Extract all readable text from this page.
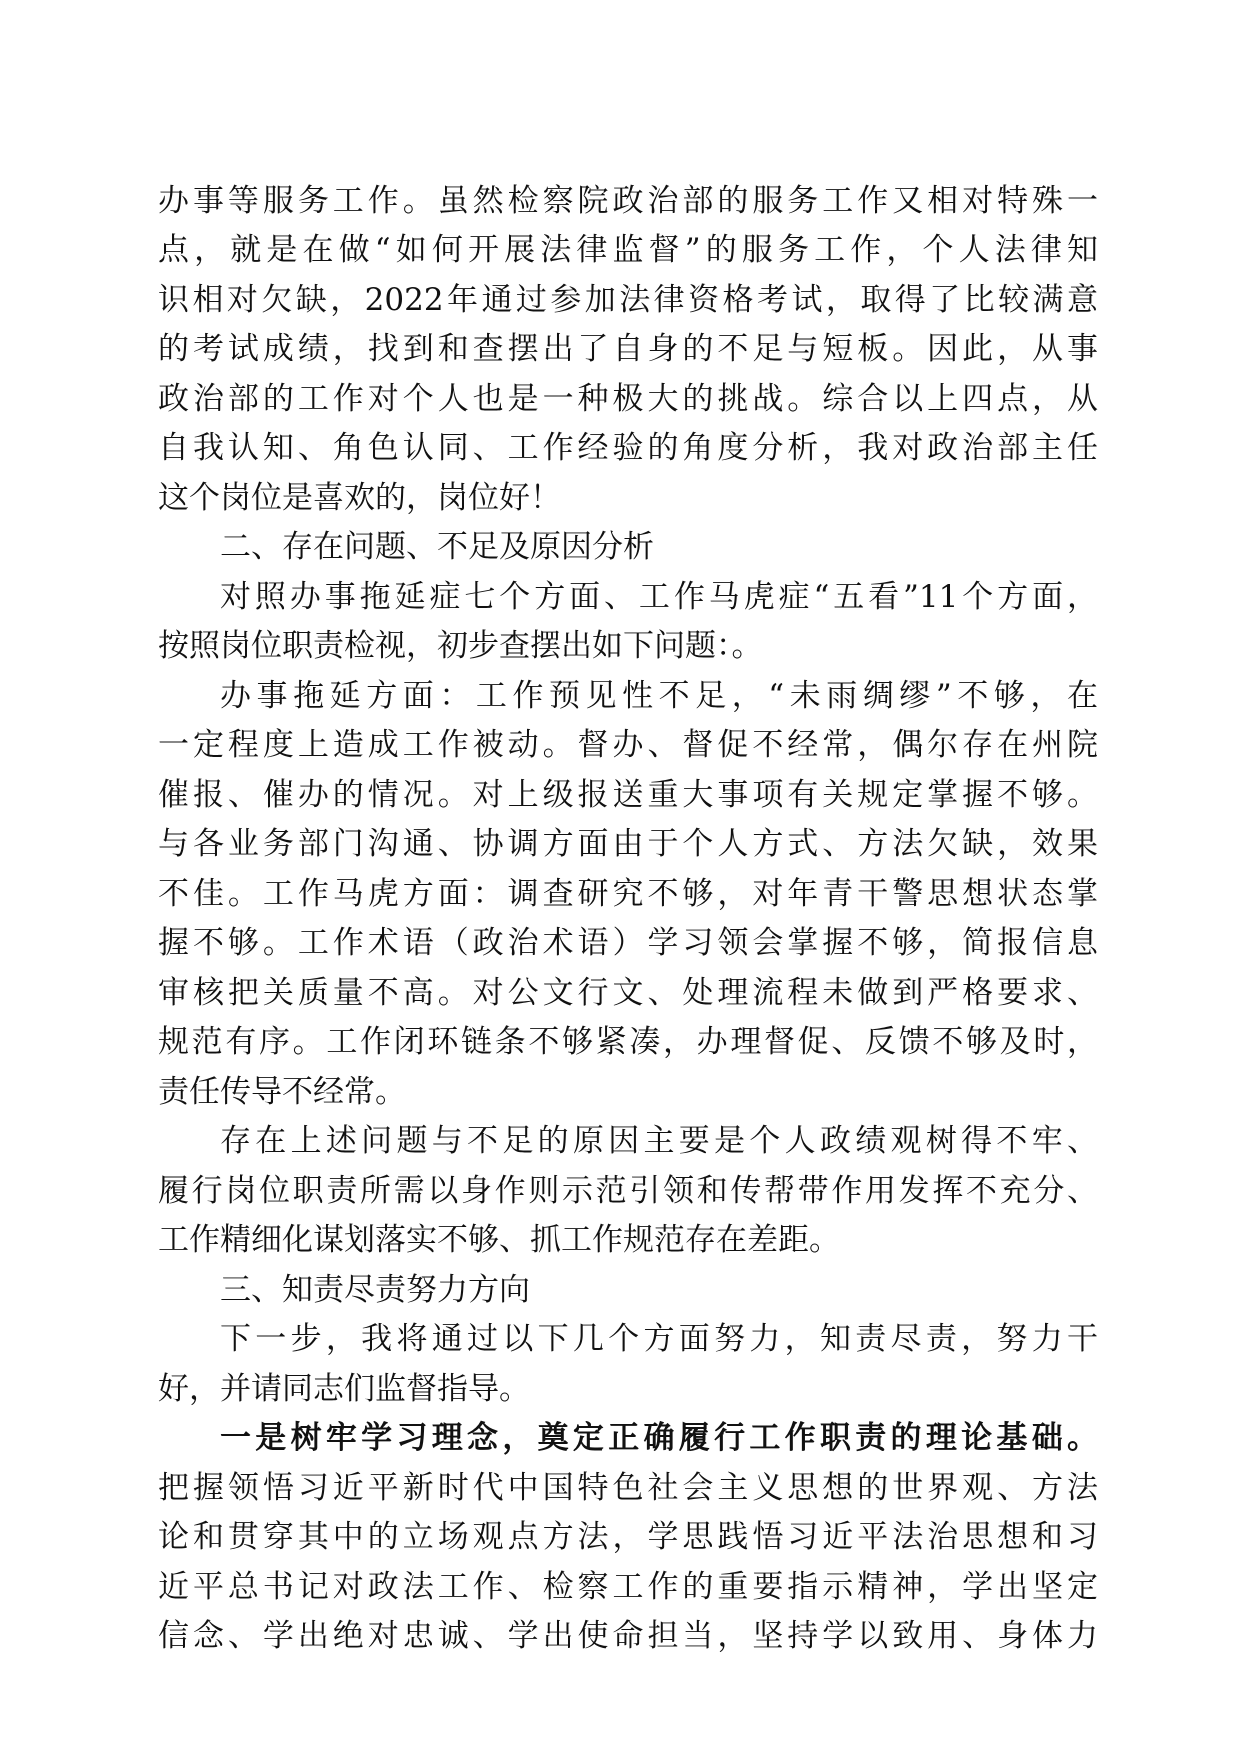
办事等服务工作。虽然检察院政治部的服务工作又相对特殊一
点，就是在做“如何开展法律监督”的服务工作，个人法律知
识相对欠缺，2022年通过参加法律资格考试，取得了比较满意
的考试成绩，找到和查摆出了自身的不足与短板。因此，从事
政治部的工作对个人也是一种极大的挑战。综合以上四点，从
自我认知、角色认同、工作经验的角度分析，我对政治部主任
这个岗位是喜欢的，岗位好！
二、存在问题、不足及原因分析
对照办事拖延症七个方面、工作马虎症“五看”11个方面，
按照岗位职责检视，初步查摆出如下问题：。
办事拖延方面：工作预见性不足，“未雨绸缪”不够，在
一定程度上造成工作被动。督办、督促不经常，偶尔存在州院
催报、催办的情况。对上级报送重大事项有关规定掌握不够。
与各业务部门沟通、协调方面由于个人方式、方法欠缺，效果
不佳。工作马虎方面：调查研究不够，对年青干警思想状态掌
握不够。工作术语（政治术语）学习领会掌握不够，简报信息
审核把关质量不高。对公文行文、处理流程未做到严格要求、
规范有序。工作闭环链条不够紧凑，办理督促、反馈不够及时，
责任传导不经常。
存在上述问题与不足的原因主要是个人政绩观树得不牢、
履行岗位职责所需以身作则示范引领和传帮带作用发挥不充分、
工作精细化谋划落实不够、抓工作规范存在差距。
三、知责尽责努力方向
下一步，我将通过以下几个方面努力，知责尽责，努力干
好，并请同志们监督指导。
一是树牢学习理念，奠定正确履行工作职责的理论基础。
把握领悟习近平新时代中国特色社会主义思想的世界观、方法
论和贯穿其中的立场观点方法，学思践悟习近平法治思想和习
近平总书记对政法工作、检察工作的重要指示精神，学出坚定
信念、学出绝对忠诚、学出使命担当，坚持学以致用、身体力
